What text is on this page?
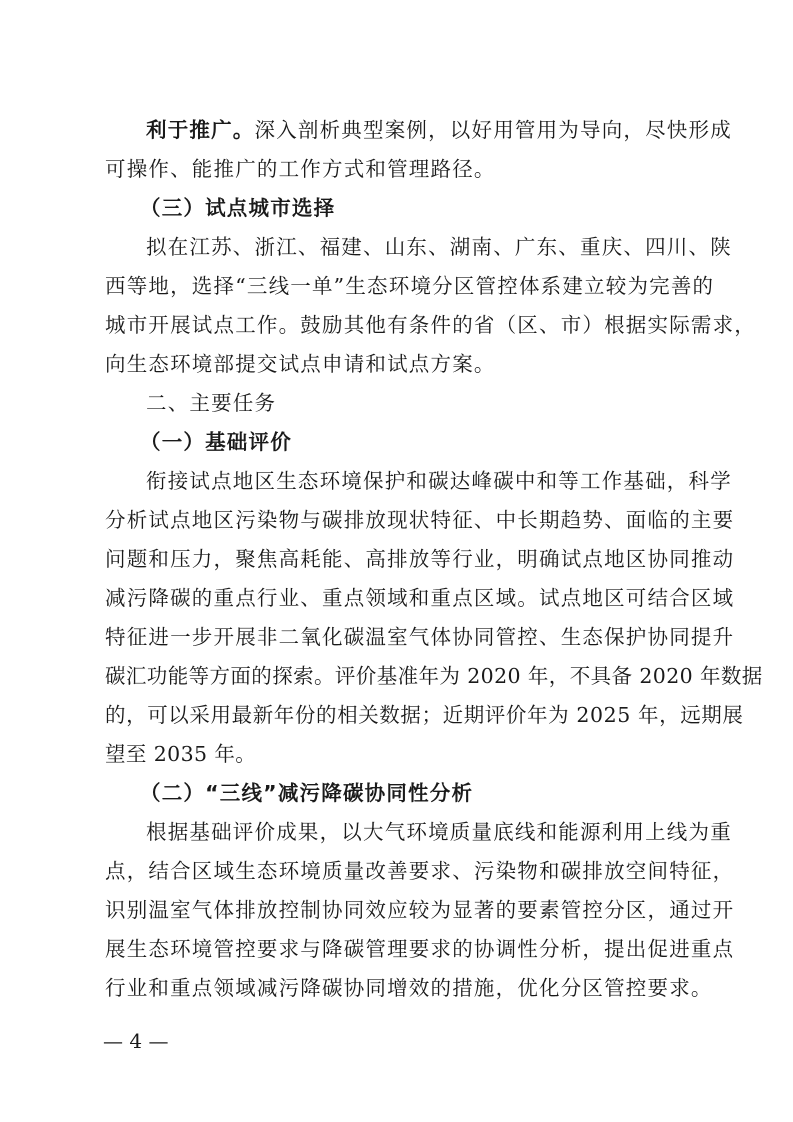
利于推广。深入剖析典型案例，以好用管用为导向，尽快形成
可操作、能推广的工作方式和管理路径。
（三）试点城市选择
拟在江苏、浙江、福建、山东、湖南、广东、重庆、四川、陕
西等地，选择“三线一单”生态环境分区管控体系建立较为完善的
城市开展试点工作。鼓励其他有条件的省（区、市）根据实际需求，
向生态环境部提交试点申请和试点方案。
二、主要任务
（一）基础评价
衔接试点地区生态环境保护和碳达峰碳中和等工作基础，科学
分析试点地区污染物与碳排放现状特征、中长期趋势、面临的主要
问题和压力，聚焦高耗能、高排放等行业，明确试点地区协同推动
减污降碳的重点行业、重点领域和重点区域。试点地区可结合区域
特征进一步开展非二氧化碳温室气体协同管控、生态保护协同提升
碳汇功能等方面的探索。评价基准年为 2020 年，不具备 2020 年数据
的，可以采用最新年份的相关数据；近期评价年为 2025 年，远期展
望至 2035 年。
（二）“三线”减污降碳协同性分析
根据基础评价成果，以大气环境质量底线和能源利用上线为重
点，结合区域生态环境质量改善要求、污染物和碳排放空间特征，
识别温室气体排放控制协同效应较为显著的要素管控分区，通过开
展生态环境管控要求与降碳管理要求的协调性分析，提出促进重点
行业和重点领域减污降碳协同增效的措施，优化分区管控要求。
— 4 —
